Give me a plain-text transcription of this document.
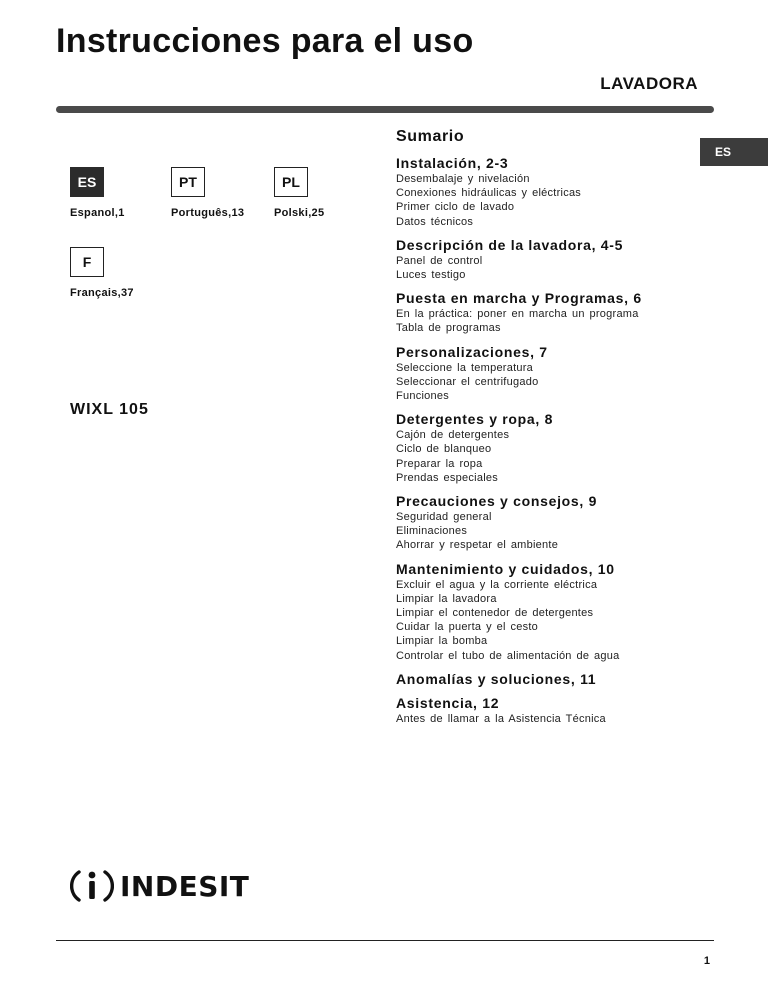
Instrucciones para el uso
LAVADORA
ES
ES
Espanol,1
PT
Português,13
PL
Polski,25
F
Français,37
WIXL 105
Sumario
Instalación, 2-3
Desembalaje y nivelación
Conexiones hidráulicas y eléctricas
Primer ciclo de lavado
Datos técnicos
Descripción de la lavadora, 4-5
Panel de control
Luces testigo
Puesta en marcha y Programas, 6
En la práctica: poner en marcha un programa
Tabla de programas
Personalizaciones, 7
Seleccione la temperatura
Seleccionar el centrifugado
Funciones
Detergentes y ropa, 8
Cajón de detergentes
Ciclo de blanqueo
Preparar la ropa
Prendas especiales
Precauciones y consejos, 9
Seguridad general
Eliminaciones
Ahorrar y respetar el ambiente
Mantenimiento y cuidados, 10
Excluir el agua y la corriente eléctrica
Limpiar la lavadora
Limpiar el contenedor de detergentes
Cuidar la puerta y el cesto
Limpiar la bomba
Controlar el tubo de alimentación de agua
Anomalías y soluciones, 11
Asistencia, 12
Antes de llamar a la Asistencia Técnica
INDESIT
1
